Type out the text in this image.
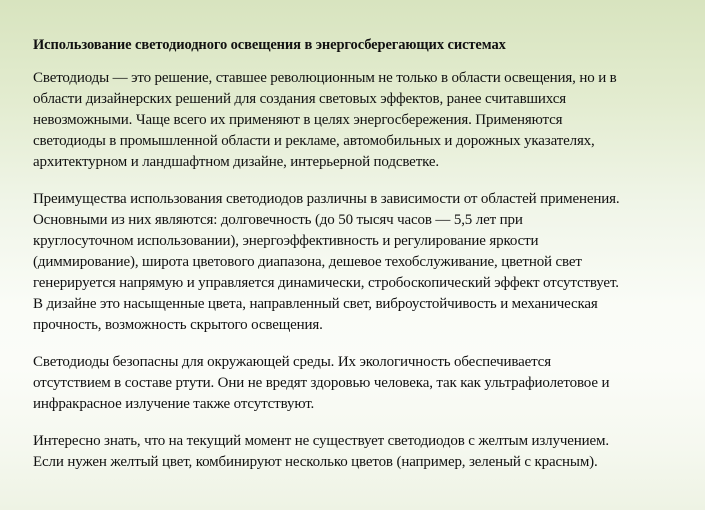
Использование светодиодного освещения в энергосберегающих системах

Светодиоды — это решение, ставшее революционным не только в области освещения, но и в
области дизайнерских решений для создания световых эффектов, ранее считавшихся
невозможными. Чаще всего их применяют в целях энергосбережения. Применяются
светодиоды в промышленной области и рекламе, автомобильных и дорожных указателях,
архитектурном и ландшафтном дизайне, интерьерной подсветке.

Преимущества использования светодиодов различны в зависимости от областей применения.
Основными из них являются: долговечность (до 50 тысяч часов — 5,5 лет при
круглосуточном использовании), энергоэффективность и регулирование яркости
(диммирование), широта цветового диапазона, дешевое техобслуживание, цветной свет
генерируется напрямую и управляется динамически, стробоскопический эффект отсутствует.
В дизайне это насыщенные цвета, направленный свет, виброустойчивость и механическая
прочность, возможность скрытого освещения.

Светодиоды безопасны для окружающей среды. Их экологичность обеспечивается
отсутствием в составе ртути. Они не вредят здоровью человека, так как ультрафиолетовое и
инфракрасное излучение также отсутствуют.

Интересно знать, что на текущий момент не существует светодиодов с желтым излучением.
Если нужен желтый цвет, комбинируют несколько цветов (например, зеленый с красным).
